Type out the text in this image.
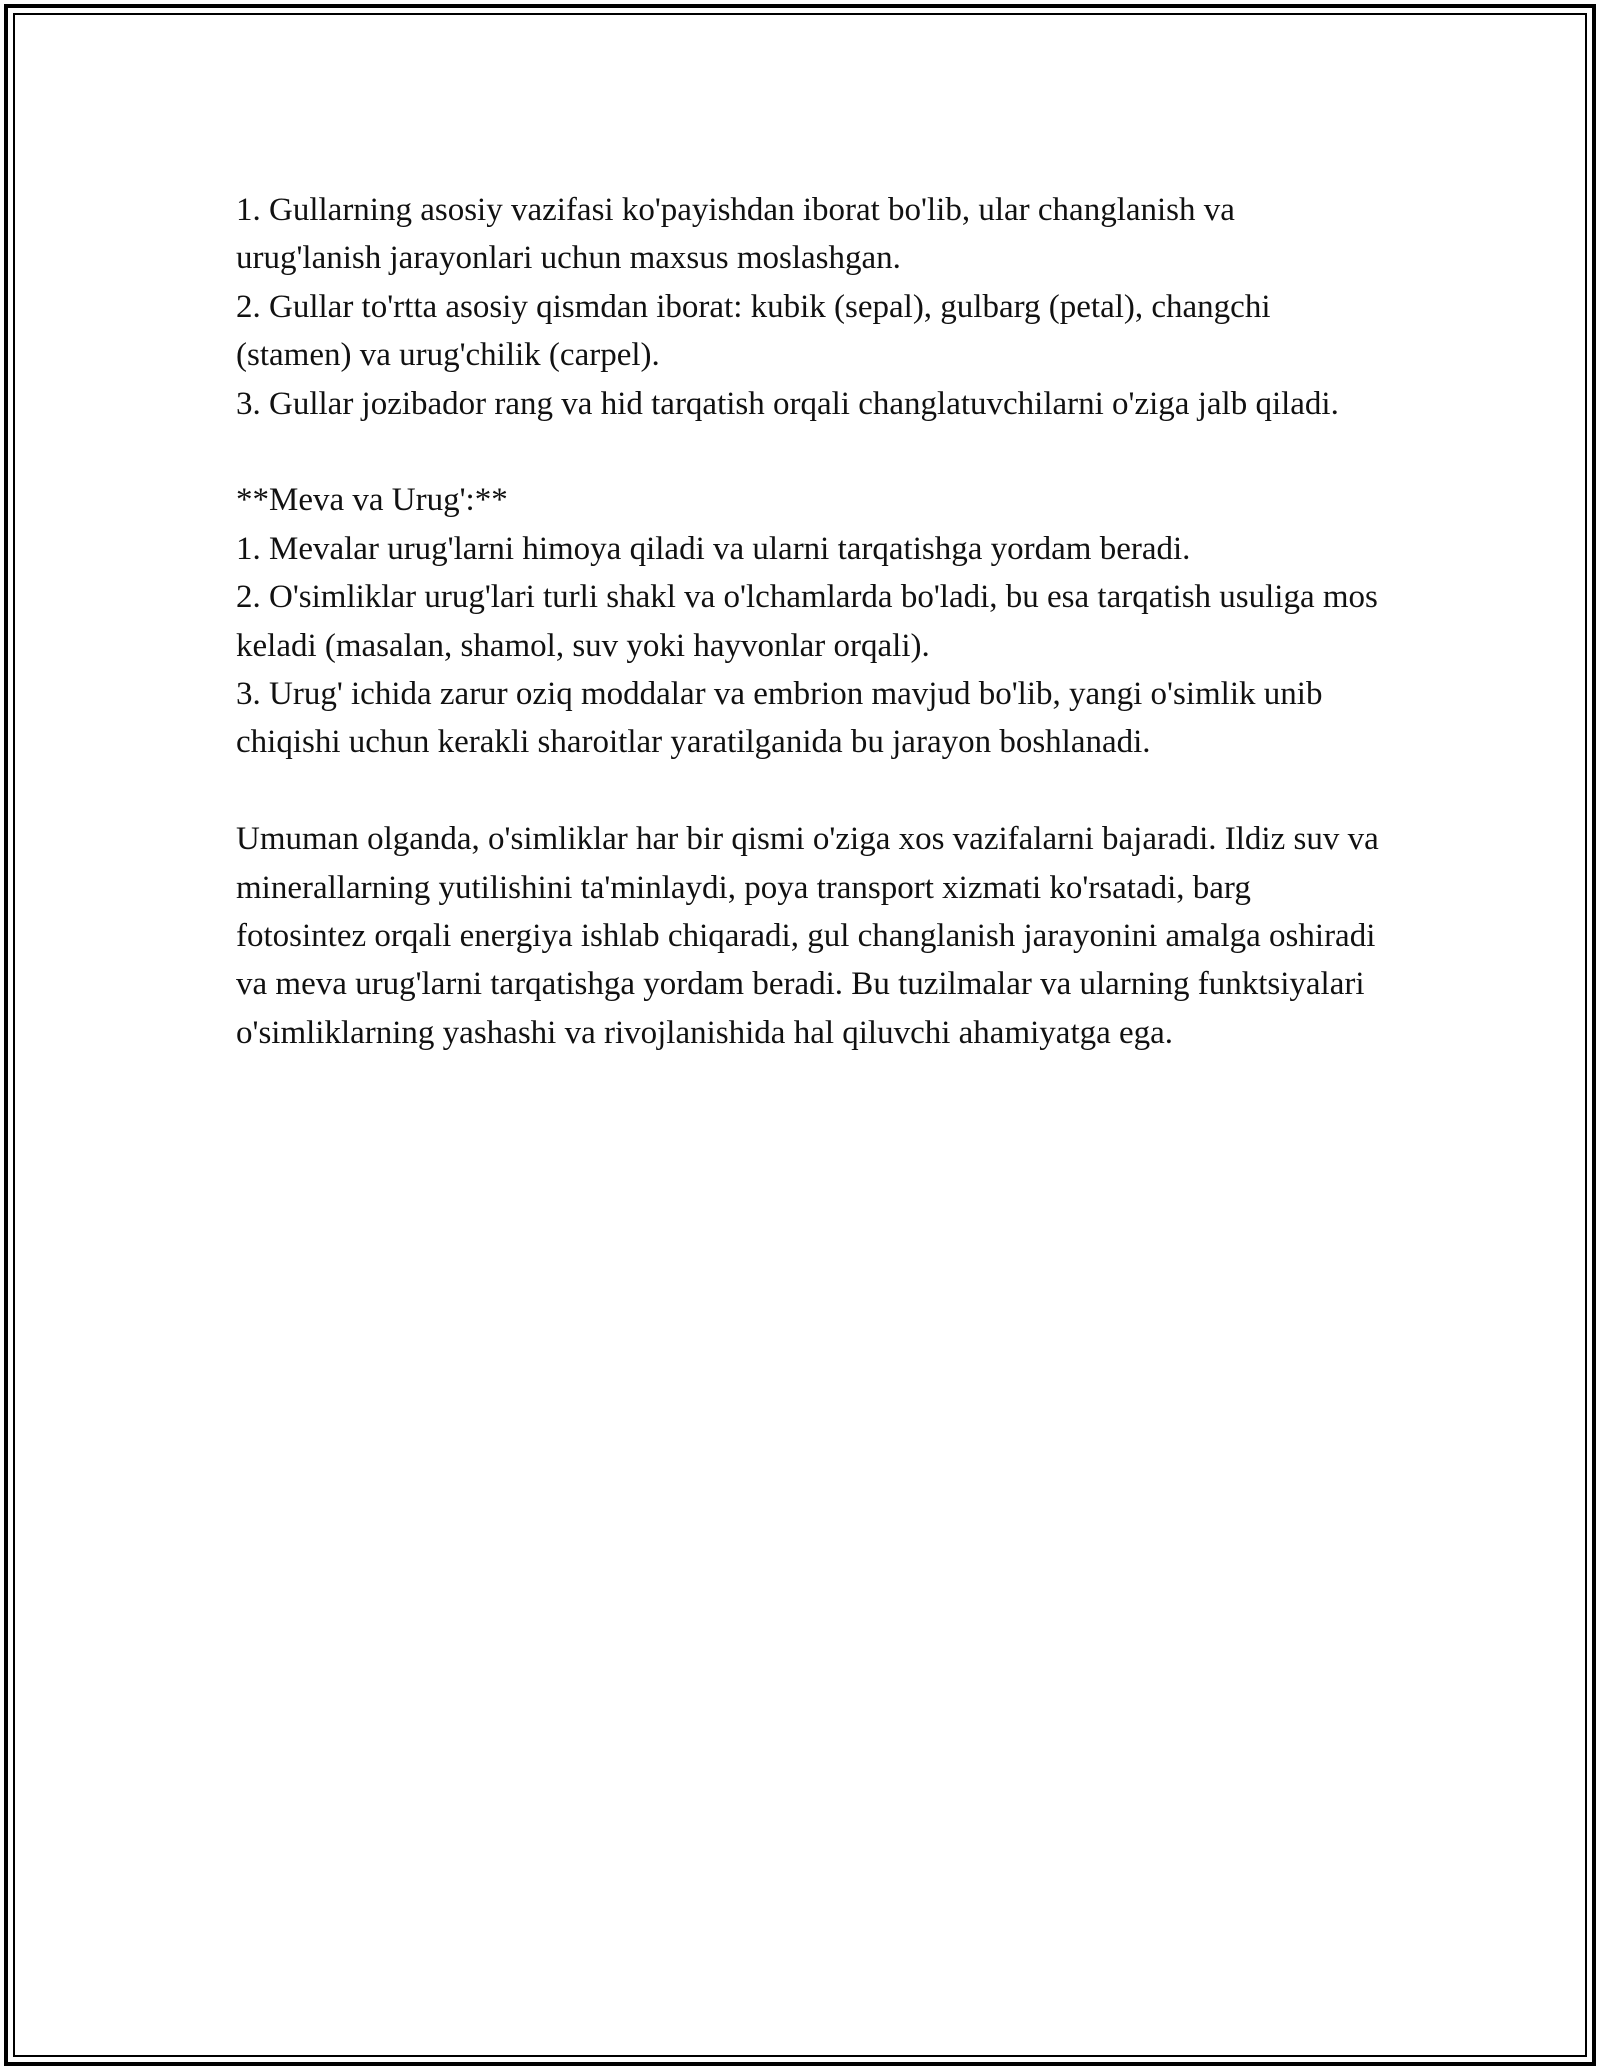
1. Gullarning asosiy vazifasi ko'payishdan iborat bo'lib, ular changlanish va urug'lanish jarayonlari uchun maxsus moslashgan.

2. Gullar to'rtta asosiy qismdan iborat: kubik (sepal), gulbarg (petal), changchi (stamen) va urug'chilik (carpel).

3. Gullar jozibador rang va hid tarqatish orqali changlatuvchilarni o'ziga jalb qiladi.

**Meva va Urug':**

1. Mevalar urug'larni himoya qiladi va ularni tarqatishga yordam beradi.

2. O'simliklar urug'lari turli shakl va o'lchamlarda bo'ladi, bu esa tarqatish usuliga mos keladi (masalan, shamol, suv yoki hayvonlar orqali).

3. Urug' ichida zarur oziq moddalar va embrion mavjud bo'lib, yangi o'simlik unib chiqishi uchun kerakli sharoitlar yaratilganida bu jarayon boshlanadi.

Umuman olganda, o'simliklar har bir qismi o'ziga xos vazifalarni bajaradi. Ildiz suv va minerallarning yutilishini ta'minlaydi, poya transport xizmati ko'rsatadi, barg fotosintez orqali energiya ishlab chiqaradi, gul changlanish jarayonini amalga oshiradi va meva urug'larni tarqatishga yordam beradi. Bu tuzilmalar va ularning funktsiyalari o'simliklarning yashashi va rivojlanishida hal qiluvchi ahamiyatga ega.
